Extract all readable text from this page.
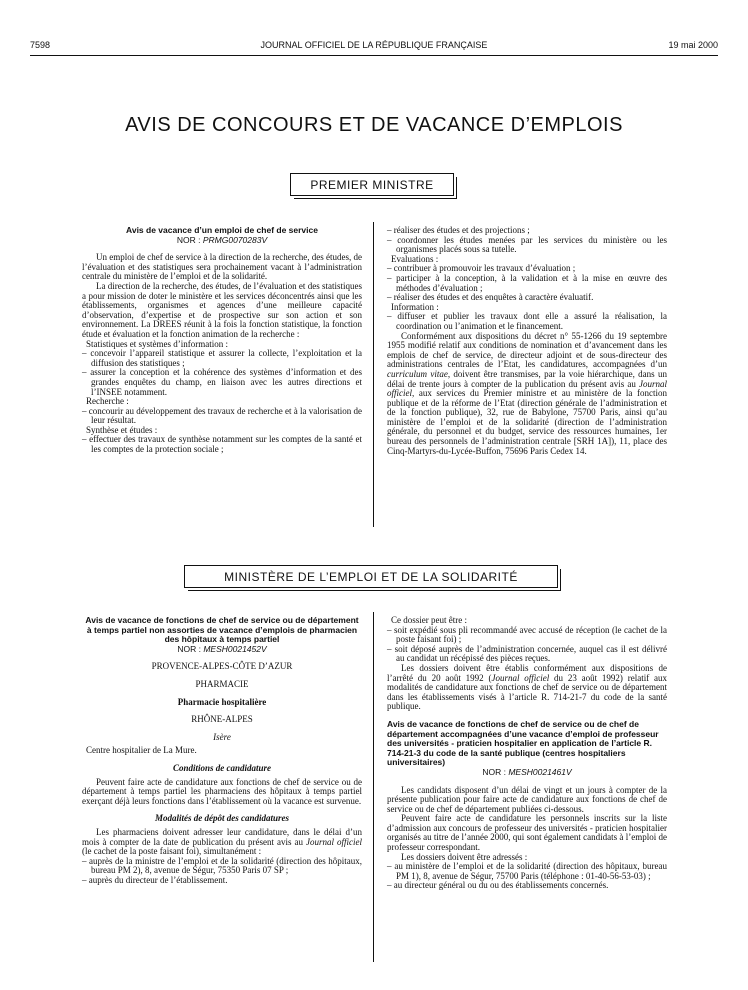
7598	JOURNAL OFFICIEL DE LA RÉPUBLIQUE FRANÇAISE	19 mai 2000
AVIS DE CONCOURS ET DE VACANCE D’EMPLOIS
PREMIER MINISTRE
Avis de vacance d’un emploi de chef de service
NOR : PRMG0070283V

Un emploi de chef de service à la direction de la recherche, des études, de l’évaluation et des statistiques sera prochainement vacant à l’administration centrale du ministère de l’emploi et de la solidarité.

La direction de la recherche, des études, de l’évaluation et des statistiques a pour mission de doter le ministère et les services déconcentrés ainsi que les établissements, organismes et agences d’une meilleure capacité d’observation, d’expertise et de prospective sur son action et son environnement. La DREES réunit à la fois la fonction statistique, la fonction étude et évaluation et la fonction animation de la recherche :

Statistiques et systèmes d’information :

– concevoir l’appareil statistique et assurer la collecte, l’exploitation et la diffusion des statistiques ;

– assurer la conception et la cohérence des systèmes d’information et des grandes enquêtes du champ, en liaison avec les autres directions et l’INSEE notamment.

Recherche :

– concourir au développement des travaux de recherche et à la valorisation de leur résultat.

Synthèse et études :

– effectuer des travaux de synthèse notamment sur les comptes de la santé et les comptes de la protection sociale ;

– réaliser des études et des projections ;

– coordonner les études menées par les services du ministère ou les organismes placés sous sa tutelle.

Evaluations :

– contribuer à promouvoir les travaux d’évaluation ;

– participer à la conception, à la validation et à la mise en œuvre des méthodes d’évaluation ;

– réaliser des études et des enquêtes à caractère évaluatif.

Information :

– diffuser et publier les travaux dont elle a assuré la réalisation, la coordination ou l’animation et le financement.

Conformément aux dispositions du décret n° 55-1266 du 19 septembre 1955 modifié relatif aux conditions de nomination et d’avancement dans les emplois de chef de service, de directeur adjoint et de sous-directeur des administrations centrales de l’Etat, les candidatures, accompagnées d’un curriculum vitae, doivent être transmises, par la voie hiérarchique, dans un délai de trente jours à compter de la publication du présent avis au Journal officiel, aux services du Premier ministre et au ministère de la fonction publique et de la réforme de l’Etat (direction générale de l’administration et de la fonction publique), 32, rue de Babylone, 75700 Paris, ainsi qu’au ministère de l’emploi et de la solidarité (direction de l’administration générale, du personnel et du budget, service des ressources humaines, 1er bureau des personnels de l’administration centrale [SRH 1A]), 11, place des Cinq-Martyrs-du-Lycée-Buffon, 75696 Paris Cedex 14.

MINISTÈRE DE L’EMPLOI ET DE LA SOLIDARITÉ
Avis de vacance de fonctions de chef de service ou de département à temps partiel non assorties de vacance d’emplois de pharmacien des hôpitaux à temps partiel
NOR : MESH0021452V

PROVENCE-ALPES-CÔTE D’AZUR

PHARMACIE

Pharmacie hospitalière

RHÔNE-ALPES

Isère

Centre hospitalier de La Mure.

Conditions de candidature

Peuvent faire acte de candidature aux fonctions de chef de service ou de département à temps partiel les pharmaciens des hôpitaux à temps partiel exerçant déjà leurs fonctions dans l’établissement où la vacance est survenue.

Modalités de dépôt des candidatures

Les pharmaciens doivent adresser leur candidature, dans le délai d’un mois à compter de la date de publication du présent avis au Journal officiel (le cachet de la poste faisant foi), simultanément :

– auprès de la ministre de l’emploi et de la solidarité (direction des hôpitaux, bureau PM 2), 8, avenue de Ségur, 75350 Paris 07 SP ;

– auprès du directeur de l’établissement.

Ce dossier peut être :

– soit expédié sous pli recommandé avec accusé de réception (le cachet de la poste faisant foi) ;

– soit déposé auprès de l’administration concernée, auquel cas il est délivré au candidat un récépissé des pièces reçues.

Les dossiers doivent être établis conformément aux dispositions de l’arrêté du 20 août 1992 (Journal officiel du 23 août 1992) relatif aux modalités de candidature aux fonctions de chef de service ou de département dans les établissements visés à l’article R. 714-21-7 du code de la santé publique.

Avis de vacance de fonctions de chef de service ou de chef de département accompagnées d’une vacance d’emploi de professeur des universités - praticien hospitalier en application de l’article R. 714-21-3 du code de la santé publique (centres hospitaliers universitaires)
NOR : MESH0021461V

Les candidats disposent d’un délai de vingt et un jours à compter de la présente publication pour faire acte de candidature aux fonctions de chef de service ou de chef de département publiées ci-dessous.

Peuvent faire acte de candidature les personnels inscrits sur la liste d’admission aux concours de professeur des universités - praticien hospitalier organisés au titre de l’année 2000, qui sont également candidats à l’emploi de professeur correspondant.

Les dossiers doivent être adressés :

– au ministère de l’emploi et de la solidarité (direction des hôpitaux, bureau PM 1), 8, avenue de Ségur, 75700 Paris (téléphone : 01-40-56-53-03) ;

– au directeur général ou du ou des établissements concernés.
